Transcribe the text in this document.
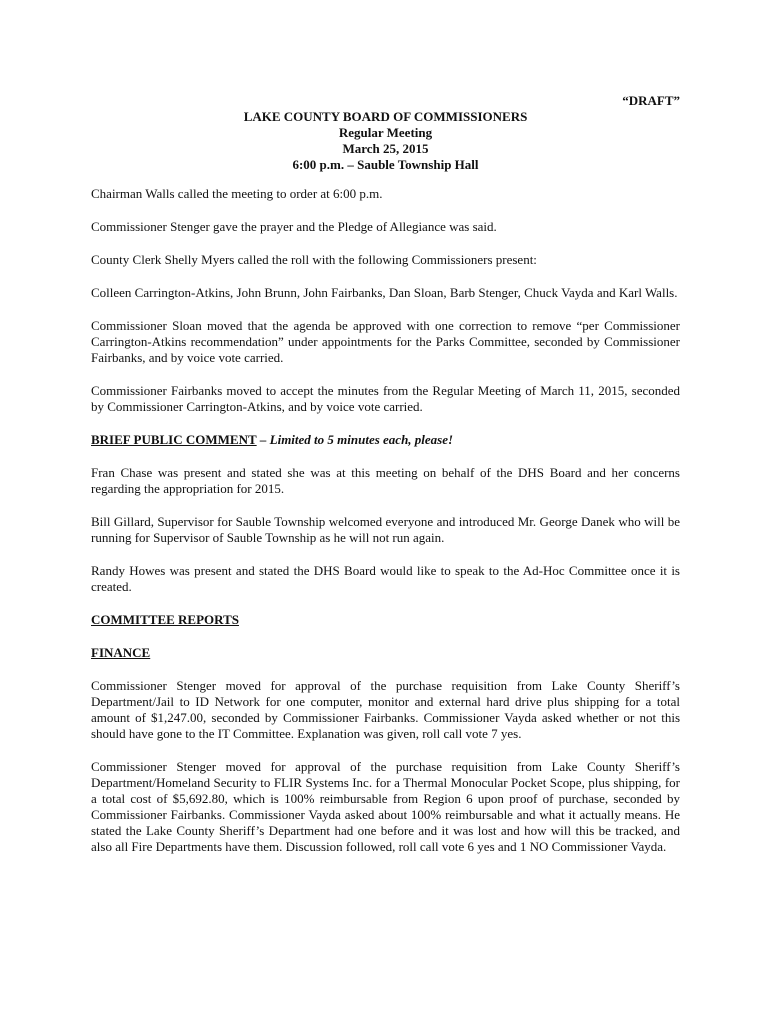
“DRAFT”
LAKE COUNTY BOARD OF COMMISSIONERS
Regular Meeting
March 25, 2015
6:00 p.m. – Sauble Township Hall

Chairman Walls called the meeting to order at 6:00 p.m.

Commissioner Stenger gave the prayer and the Pledge of Allegiance was said.

County Clerk Shelly Myers called the roll with the following Commissioners present:

Colleen Carrington-Atkins, John Brunn, John Fairbanks, Dan Sloan, Barb Stenger, Chuck Vayda and Karl Walls.

Commissioner Sloan moved that the agenda be approved with one correction to remove “per Commissioner Carrington-Atkins recommendation” under appointments for the Parks Committee, seconded by Commissioner Fairbanks, and by voice vote carried.

Commissioner Fairbanks moved to accept the minutes from the Regular Meeting of March 11, 2015, seconded by Commissioner Carrington-Atkins, and by voice vote carried.

BRIEF PUBLIC COMMENT – Limited to 5 minutes each, please!

Fran Chase was present and stated she was at this meeting on behalf of the DHS Board and her concerns regarding the appropriation for 2015.

Bill Gillard, Supervisor for Sauble Township welcomed everyone and introduced Mr. George Danek who will be running for Supervisor of Sauble Township as he will not run again.

Randy Howes was present and stated the DHS Board would like to speak to the Ad-Hoc Committee once it is created.

COMMITTEE REPORTS
FINANCE

Commissioner Stenger moved for approval of the purchase requisition from Lake County Sheriff’s Department/Jail to ID Network for one computer, monitor and external hard drive plus shipping for a total amount of $1,247.00, seconded by Commissioner Fairbanks. Commissioner Vayda asked whether or not this should have gone to the IT Committee. Explanation was given, roll call vote 7 yes.

Commissioner Stenger moved for approval of the purchase requisition from Lake County Sheriff’s Department/Homeland Security to FLIR Systems Inc. for a Thermal Monocular Pocket Scope, plus shipping, for a total cost of $5,692.80, which is 100% reimbursable from Region 6 upon proof of purchase, seconded by Commissioner Fairbanks. Commissioner Vayda asked about 100% reimbursable and what it actually means. He stated the Lake County Sheriff’s Department had one before and it was lost and how will this be tracked, and also all Fire Departments have them. Discussion followed, roll call vote 6 yes and 1 NO Commissioner Vayda.
